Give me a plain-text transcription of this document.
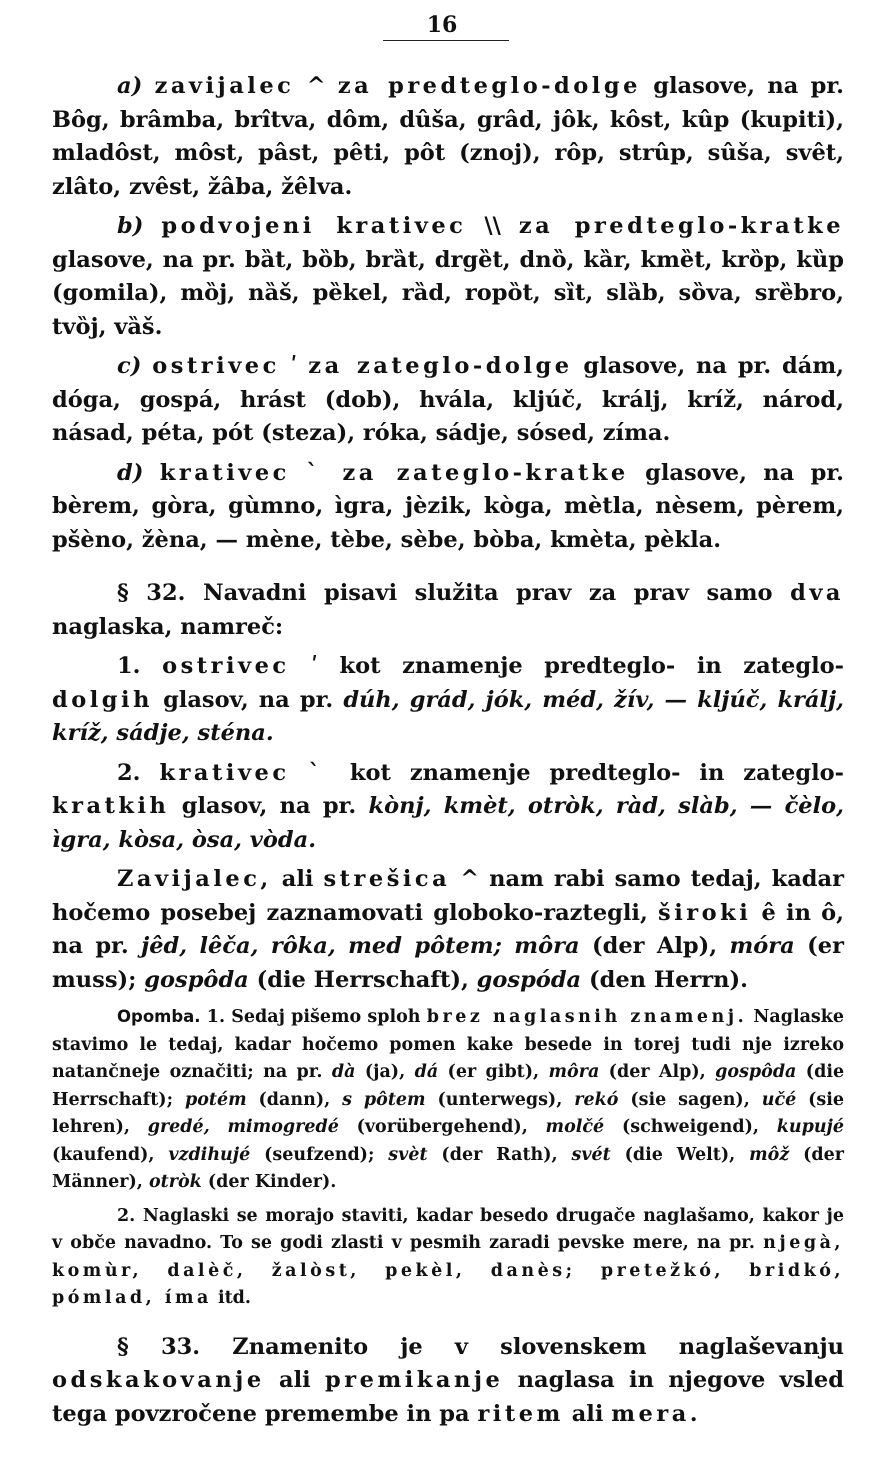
16

a) zavijalec ^ za predteglo-dolge glasove, na pr. Bôg, brâmba, brîtva, dôm, dûša, grâd, jôk, kôst, kûp (kupiti), mladôst, môst, pâst, pêti, pôt (znoj), rôp, strûp, sûša, svêt, zlâto, zvêst, žâba, žêlva.

b) podvojeni krativec \\ za predteglo-kratke glasove, na pr. bȁt, bȍb, brȁt, drgȅt, dnȍ, kȁr, kmȅt, krȍp, kȕp (gomila), mȍj, nȁš, pȅkel, rȁd, ropȍt, sȉt, slȁb, sȍva, srȅbro, tvȍj, vȁš.

c) ostrivec ʹ za zateglo-dolge glasove, na pr. dám, dóga, gospá, hrást (dob), hvála, kljúč, králj, kríž, národ, násad, péta, pót (steza), róka, sádje, sósed, zíma.

d) krativec ˋ za zateglo-kratke glasove, na pr. bèrem, gòra, gùmno, ìgra, jèzik, kòga, mètla, nèsem, pèrem, pšèno, žèna, — mène, tèbe, sèbe, bòba, kmèta, pèkla.

§ 32. Navadni pisavi služita prav za prav samo dva naglaska, namreč:

1. ostrivec ʹ kot znamenje predteglo- in zateglo-dolgih glasov, na pr. dúh, grád, jók, méd, žív, — kljúč, králj, kríž, sádje, sténa.

2. krativec ˋ kot znamenje predteglo- in zateglo-kratkih glasov, na pr. kònj, kmèt, otròk, ràd, slàb, — čèlo, ìgra, kòsa, òsa, vòda.

Zavijalec, ali strešica ^ nam rabi samo tedaj, kadar hočemo posebej zaznamovati globoko-raztegli, široki ê in ô, na pr. jêd, lêča, rôka, med pôtem; môra (der Alp), móra (er muss); gospôda (die Herrschaft), gospóda (den Herrn).

Opomba. 1. Sedaj pišemo sploh brez naglasnih znamenj. Naglaske stavimo le tedaj, kadar hočemo pomen kake besede in torej tudi nje izreko natančneje označiti; na pr. dà (ja), dá (er gibt), môra (der Alp), gospôda (die Herrschaft); potém (dann), s pôtem (unterwegs), rekó (sie sagen), učé (sie lehren), gredé, mimogredé (vorübergehend), molčé (schweigend), kupujé (kaufend), vzdihujé (seufzend); svèt (der Rath), svét (die Welt), môž (der Männer), otròk (der Kinder).

2. Naglaski se morajo staviti, kadar besedo drugače naglašamo, kakor je v obče navadno. To se godi zlasti v pesmih zaradi pevske mere, na pr. njegà, komùr, dalèč, žalòst, pekèl, danès; pretežkó, bridkó, pómlad, íma itd.

§ 33. Znamenito je v slovenskem naglaševanju odskakovanje ali premikanje naglasa in njegove vsled tega povzročene premembe in pa ritem ali mera.
